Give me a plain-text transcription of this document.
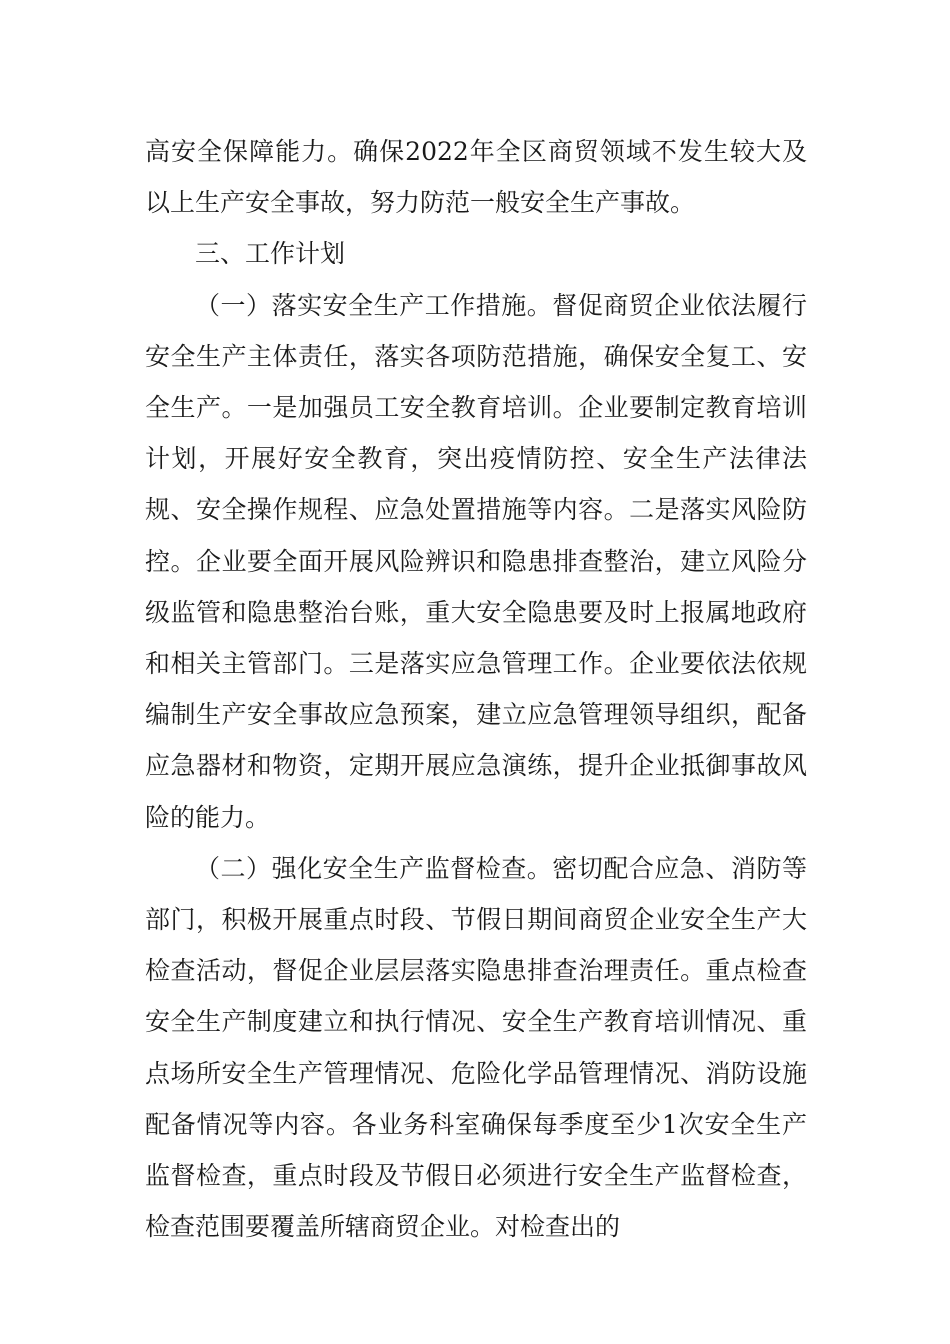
高安全保障能力。确保2022年全区商贸领域不发生较大及以上生产安全事故，努力防范一般安全生产事故。

三、工作计划

（一）落实安全生产工作措施。督促商贸企业依法履行安全生产主体责任，落实各项防范措施，确保安全复工、安全生产。一是加强员工安全教育培训。企业要制定教育培训计划，开展好安全教育，突出疫情防控、安全生产法律法规、安全操作规程、应急处置措施等内容。二是落实风险防控。企业要全面开展风险辨识和隐患排查整治，建立风险分级监管和隐患整治台账，重大安全隐患要及时上报属地政府和相关主管部门。三是落实应急管理工作。企业要依法依规编制生产安全事故应急预案，建立应急管理领导组织，配备应急器材和物资，定期开展应急演练，提升企业抵御事故风险的能力。

（二）强化安全生产监督检查。密切配合应急、消防等部门，积极开展重点时段、节假日期间商贸企业安全生产大检查活动，督促企业层层落实隐患排查治理责任。重点检查安全生产制度建立和执行情况、安全生产教育培训情况、重点场所安全生产管理情况、危险化学品管理情况、消防设施配备情况等内容。各业务科室确保每季度至少1次安全生产监督检查，重点时段及节假日必须进行安全生产监督检查，检查范围要覆盖所辖商贸企业。对检查出的
